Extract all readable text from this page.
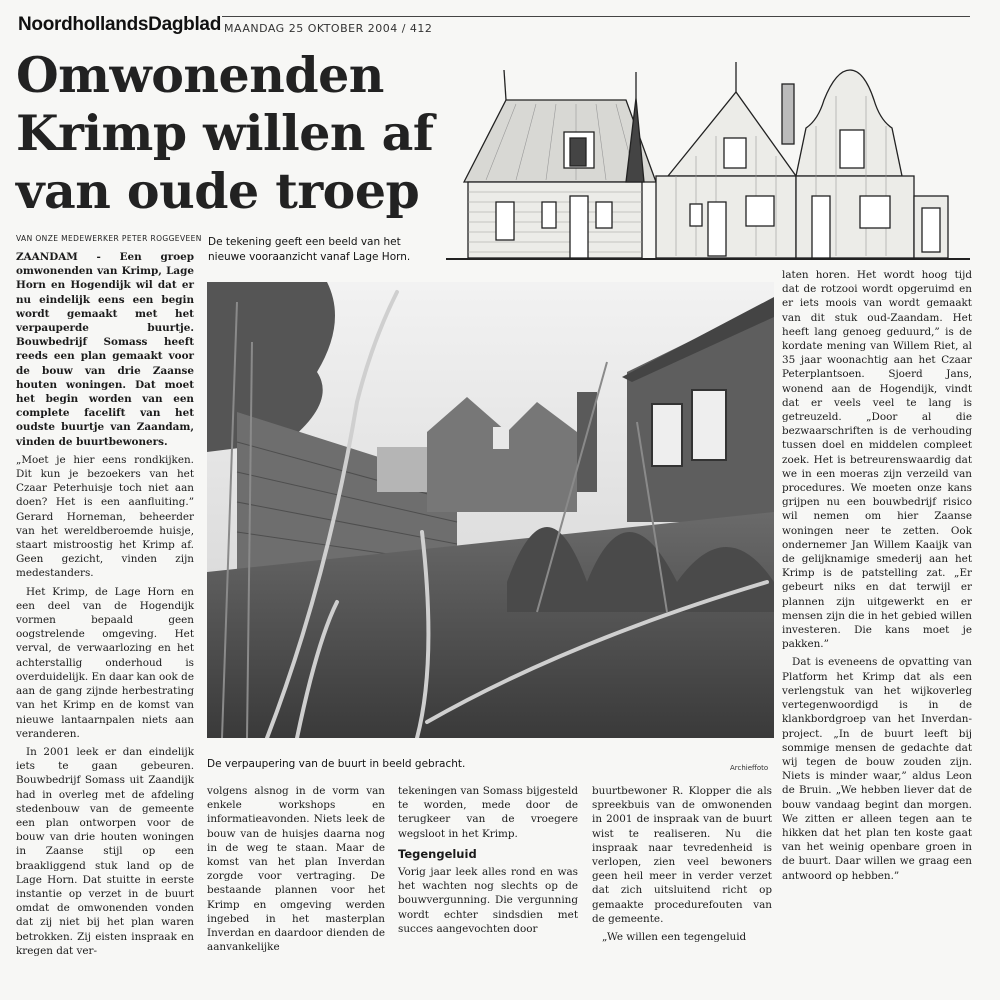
NoordhollandsDagblad MAANDAG 25 OKTOBER 2004 / 412
Omwonenden
Krimp willen af
van oude troep
VAN ONZE MEDEWERKER PETER ROGGEVEEN De tekening geeft een beeld van het nieuwe vooraanzicht vanaf Lage Horn.

ZAANDAM - Een groep omwonenden van Krimp, Lage Horn en Hogendijk wil dat er nu eindelijk eens een begin wordt gemaakt met het verpauperde buurtje. Bouwbedrijf Somass heeft reeds een plan gemaakt voor de bouw van drie Zaanse houten woningen. Dat moet het begin worden van een complete facelift van het oudste buurtje van Zaandam, vinden de buurtbewoners.

„Moet je hier eens rondkijken. Dit kun je bezoekers van het Czaar Peterhuisje toch niet aan doen? Het is een aanfluiting.” Gerard Horneman, beheerder van het wereldberoemde huisje, staart mistroostig het Krimp af. Geen gezicht, vinden zijn medestanders.

Het Krimp, de Lage Horn en een deel van de Hogendijk vormen bepaald geen oogstrelende omgeving. Het verval, de verwaarlozing en het achterstallig onderhoud is overduidelijk. En daar kan ook de aan de gang zijnde herbestrating van het Krimp en de komst van nieuwe lantaarnpalen niets aan veranderen.

In 2001 leek er dan eindelijk iets te gaan gebeuren. Bouwbedrijf Somass uit Zaandijk had in overleg met de afdeling stedenbouw van de gemeente een plan ontworpen voor de bouw van drie houten woningen in Zaanse stijl op een braakliggend stuk land op de Lage Horn. Dat stuitte in eerste instantie op verzet in de buurt omdat de omwonenden vonden dat zij niet bij het plan waren betrokken. Zij eisten inspraak en kregen dat ver-

De verpaupering van de buurt in beeld gebracht.	Archieffoto

volgens alsnog in de vorm van enkele workshops en informatieavonden. Niets leek de bouw van de huisjes daarna nog in de weg te staan. Maar de komst van het plan Inverdan zorgde voor vertraging. De bestaande plannen voor het Krimp en omgeving werden ingebed in het masterplan Inverdan en daardoor dienden de aanvankelijke

tekeningen van Somass bijgesteld te worden, mede door de terugkeer van de vroegere wegsloot in het Krimp.

Tegengeluid

Vorig jaar leek alles rond en was het wachten nog slechts op de bouwvergunning. Die vergunning wordt echter sindsdien met succes aangevochten door

buurtbewoner R. Klopper die als spreekbuis van de omwonenden in 2001 de inspraak van de buurt wist te realiseren. Nu die inspraak naar tevredenheid is verlopen, zien veel bewoners geen heil meer in verder verzet dat zich uitsluitend richt op gemaakte procedurefouten van de gemeente.

„We willen een tegengeluid

laten horen. Het wordt hoog tijd dat de rotzooi wordt opgeruimd en er iets moois van wordt gemaakt van dit stuk oud-Zaandam. Het heeft lang genoeg geduurd,” is de kordate mening van Willem Riet, al 35 jaar woonachtig aan het Czaar Peterplantsoen. Sjoerd Jans, wonend aan de Hogendijk, vindt dat er veels veel te lang is getreuzeld. „Door al die bezwaarschriften is de verhouding tussen doel en middelen compleet zoek. Het is betreurenswaardig dat we in een moeras zijn verzeild van procedures. We moeten onze kans grijpen nu een bouwbedrijf risico wil nemen om hier Zaanse woningen neer te zetten. Ook ondernemer Jan Willem Kaaijk van de gelijknamige smederij aan het Krimp is de patstelling zat. „Er gebeurt niks en dat terwijl er plannen zijn uitgewerkt en er mensen zijn die in het gebied willen investeren. Die kans moet je pakken.”

Dat is eveneens de opvatting van Platform het Krimp dat als een verlengstuk van het wijkoverleg vertegenwoordigd is in de klankbordgroep van het Inverdan-project. „In de buurt leeft bij sommige mensen de gedachte dat wij tegen de bouw zouden zijn. Niets is minder waar,” aldus Leon de Bruin. „We hebben liever dat de bouw vandaag begint dan morgen. We zitten er alleen tegen aan te hikken dat het plan ten koste gaat van het weinig openbare groen in de buurt. Daar willen we graag een antwoord op hebben.”
